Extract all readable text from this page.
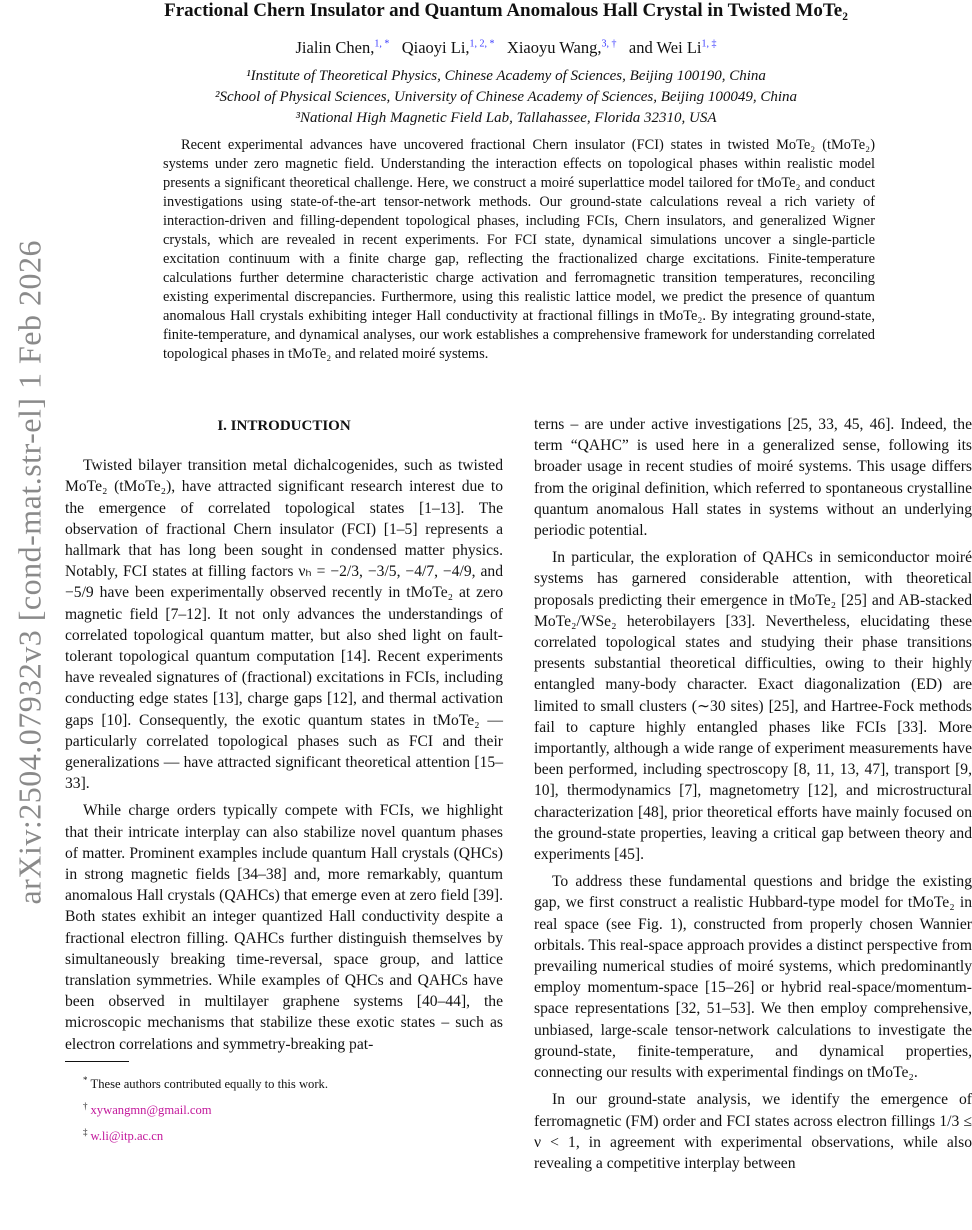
arXiv:2504.07932v3 [cond-mat.str-el] 1 Feb 2026
Fractional Chern Insulator and Quantum Anomalous Hall Crystal in Twisted MoTe₂
Jialin Chen,$^{1, *}$ Qiaoyi Li,$^{1, 2, *}$ Xiaoyu Wang,$^{3, \dagger}$ and Wei $Li^{1, \ddagger}$
¹Institute of Theoretical Physics, Chinese Academy of Sciences, Beijing 100190, China
²School of Physical Sciences, University of Chinese Academy of Sciences, Beijing 100049, China
³National High Magnetic Field Lab, Tallahassee, Florida 32310, USA

Recent experimental advances have uncovered fractional Chern insulator (FCI) states in twisted MoTe₂ (tMoTe₂) systems under zero magnetic field. Understanding the interaction effects on topological phases within realistic model presents a significant theoretical challenge. Here, we construct a moiré superlattice model tailored for tMoTe₂ and conduct investigations using state-of-the-art tensor-network methods. Our ground-state calculations reveal a rich variety of interaction-driven and filling-dependent topological phases, including FCIs, Chern insulators, and generalized Wigner crystals, which are revealed in recent experiments. For FCI state, dynamical simulations uncover a single-particle excitation continuum with a finite charge gap, reflecting the fractionalized charge excitations. Finite-temperature calculations further determine characteristic charge activation and ferromagnetic transition temperatures, reconciling existing experimental discrepancies. Furthermore, using this realistic lattice model, we predict the presence of quantum anomalous Hall crystals exhibiting integer Hall conductivity at fractional fillings in tMoTe₂. By integrating ground-state, finite-temperature, and dynamical analyses, our work establishes a comprehensive framework for understanding correlated topological phases in tMoTe₂ and related moiré systems.

I. INTRODUCTION

Twisted bilayer transition metal dichalcogenides, such as twisted MoTe₂ (tMoTe₂), have attracted significant research interest due to the emergence of correlated topological states [1–13]. The observation of fractional Chern insulator (FCI) [1–5] represents a hallmark that has long been sought in condensed matter physics. Notably, FCI states at filling factors νₕ = −2/3, −3/5, −4/7, −4/9, and −5/9 have been experimentally observed recently in tMoTe₂ at zero magnetic field [7–12]. It not only advances the understandings of correlated topological quantum matter, but also shed light on fault-tolerant topological quantum computation [14]. Recent experiments have revealed signatures of (fractional) excitations in FCIs, including conducting edge states [13], charge gaps [12], and thermal activation gaps [10]. Consequently, the exotic quantum states in tMoTe₂ — particularly correlated topological phases such as FCI and their generalizations — have attracted significant theoretical attention [15–33].

While charge orders typically compete with FCIs, we highlight that their intricate interplay can also stabilize novel quantum phases of matter. Prominent examples include quantum Hall crystals (QHCs) in strong magnetic fields [34–38] and, more remarkably, quantum anomalous Hall crystals (QAHCs) that emerge even at zero field [39]. Both states exhibit an integer quantized Hall conductivity despite a fractional electron filling. QAHCs further distinguish themselves by simultaneously breaking time-reversal, space group, and lattice translation symmetries. While examples of QHCs and QAHCs have been observed in multilayer graphene systems [40–44], the microscopic mechanisms that stabilize these exotic states – such as electron correlations and symmetry-breaking pat-

* These authors contributed equally to this work.

† xywangmn@gmail.com

‡ w.li@itp.ac.cn

terns – are under active investigations [25, 33, 45, 46]. Indeed, the term “QAHC” is used here in a generalized sense, following its broader usage in recent studies of moiré systems. This usage differs from the original definition, which referred to spontaneous crystalline quantum anomalous Hall states in systems without an underlying periodic potential.

In particular, the exploration of QAHCs in semiconductor moiré systems has garnered considerable attention, with theoretical proposals predicting their emergence in tMoTe₂ [25] and AB-stacked MoTe₂/WSe₂ heterobilayers [33]. Nevertheless, elucidating these correlated topological states and studying their phase transitions presents substantial theoretical difficulties, owing to their highly entangled many-body character. Exact diagonalization (ED) are limited to small clusters (∼30 sites) [25], and Hartree-Fock methods fail to capture highly entangled phases like FCIs [33]. More importantly, although a wide range of experiment measurements have been performed, including spectroscopy [8, 11, 13, 47], transport [9, 10], thermodynamics [7], magnetometry [12], and microstructural characterization [48], prior theoretical efforts have mainly focused on the ground-state properties, leaving a critical gap between theory and experiments [45].

To address these fundamental questions and bridge the existing gap, we first construct a realistic Hubbard-type model for tMoTe₂ in real space (see Fig. 1), constructed from properly chosen Wannier orbitals. This real-space approach provides a distinct perspective from prevailing numerical studies of moiré systems, which predominantly employ momentum-space [15–26] or hybrid real-space/momentum-space representations [32, 51–53]. We then employ comprehensive, unbiased, large-scale tensor-network calculations to investigate the ground-state, finite-temperature, and dynamical properties, connecting our results with experimental findings on tMoTe₂.

In our ground-state analysis, we identify the emergence of ferromagnetic (FM) order and FCI states across electron fillings 1/3 ≤ ν < 1, in agreement with experimental observations, while also revealing a competitive interplay between
